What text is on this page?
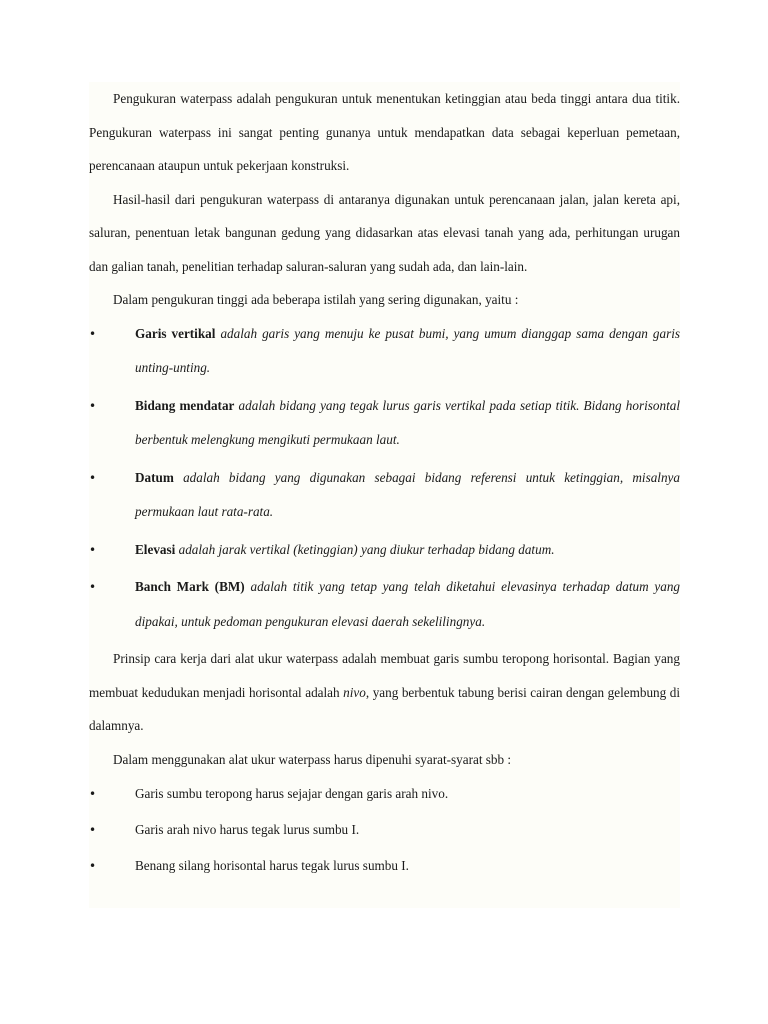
Pengukuran waterpass adalah pengukuran untuk menentukan ketinggian atau beda tinggi antara dua titik. Pengukuran waterpass ini sangat penting gunanya untuk mendapatkan data sebagai keperluan pemetaan, perencanaan ataupun untuk pekerjaan konstruksi.

Hasil-hasil dari pengukuran waterpass di antaranya digunakan untuk perencanaan jalan, jalan kereta api, saluran, penentuan letak bangunan gedung yang didasarkan atas elevasi tanah yang ada, perhitungan urugan dan galian tanah, penelitian terhadap saluran-saluran yang sudah ada, dan lain-lain.

Dalam pengukuran tinggi ada beberapa istilah yang sering digunakan, yaitu :

•	Garis vertikal adalah garis yang menuju ke pusat bumi, yang umum dianggap sama dengan garis unting-unting.
•	Bidang mendatar adalah bidang yang tegak lurus garis vertikal pada setiap titik. Bidang horisontal berbentuk melengkung mengikuti permukaan laut.
•	Datum adalah bidang yang digunakan sebagai bidang referensi untuk ketinggian, misalnya permukaan laut rata-rata.
•	Elevasi adalah jarak vertikal (ketinggian) yang diukur terhadap bidang datum.
•	Banch Mark (BM) adalah titik yang tetap yang telah diketahui elevasinya terhadap datum yang dipakai, untuk pedoman pengukuran elevasi daerah sekelilingnya.

Prinsip cara kerja dari alat ukur waterpass adalah membuat garis sumbu teropong horisontal. Bagian yang membuat kedudukan menjadi horisontal adalah nivo, yang berbentuk tabung berisi cairan dengan gelembung di dalamnya.

Dalam menggunakan alat ukur waterpass harus dipenuhi syarat-syarat sbb :

•	Garis sumbu teropong harus sejajar dengan garis arah nivo.
•	Garis arah nivo harus tegak lurus sumbu I.
•	Benang silang horisontal harus tegak lurus sumbu I.
